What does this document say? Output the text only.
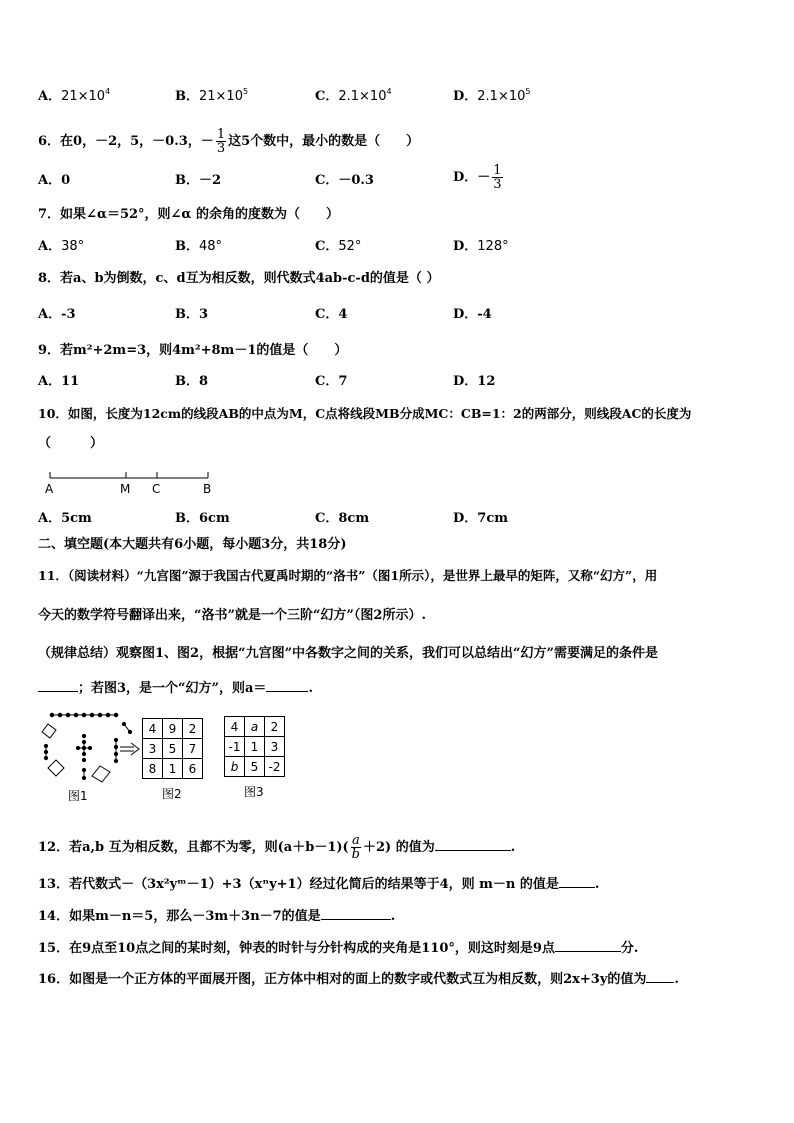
A．$21\times 10^4$	B．$21\times 10^5$	C．$2.1\times 10^4$	D．$2.1\times 10^5$
6．在0，－2，5，－0.3，－ $\frac{1}{3}$ 这5个数中，最小的数是（　　）
A．0	B．－2	C．－0.3	D．－ $\frac{1}{3}$
7．如果∠α＝52°，则∠α 的余角的度数为（　　）
A．38°	B．48°	C．52°	D．128°
8．若a、b为倒数，c、d互为相反数，则代数式4ab-c-d的值是（ ）
A．-3	B．3	C．4	D．-4
9．若m²+2m=3，则4m²+8m－1的值是（　　）
A．11	B．8	C．7	D．12
10．如图，长度为12cm的线段AB的中点为M，C点将线段MB分成MC：CB=1：2的两部分，则线段AC的长度为
（　　　）
A	M C	B
A．5cm	B．6cm	C．8cm	D．7cm
二、填空题(本大题共有6小题，每小题3分，共18分)
11．（阅读材料）“九宫图”源于我国古代夏禹时期的“洛书”（图1所示），是世界上最早的矩阵，又称“幻方”，用
今天的数学符号翻译出来，“洛书”就是一个三阶“幻方”（图2所示）.
（规律总结）观察图1、图2，根据“九宫图”中各数字之间的关系，我们可以总结出“幻方”需要满足的条件是
；若图3，是一个“幻方”，则a＝	.
图1
4	9	2
3	5	7
8	1	6
图2
4	a	2
-1	1	3
b	5	-2
图3
12．若a,b 互为相反数，且都不为零，则$(a+b-1)( \frac{a}{b} +2)$ 的值为	.
13．若代数式－（3x²yᵐ－1）+3（xⁿy+1）经过化简后的结果等于4，则 m－n 的值是	.
14．如果m－n＝5，那么－3m＋3n－7的值是	.
15．在9点至10点之间的某时刻，钟表的时针与分针构成的夹角是110°，则这时刻是9点	分.
16．如图是一个正方体的平面展开图，正方体中相对的面上的数字或代数式互为相反数，则2x+3y的值为 .
